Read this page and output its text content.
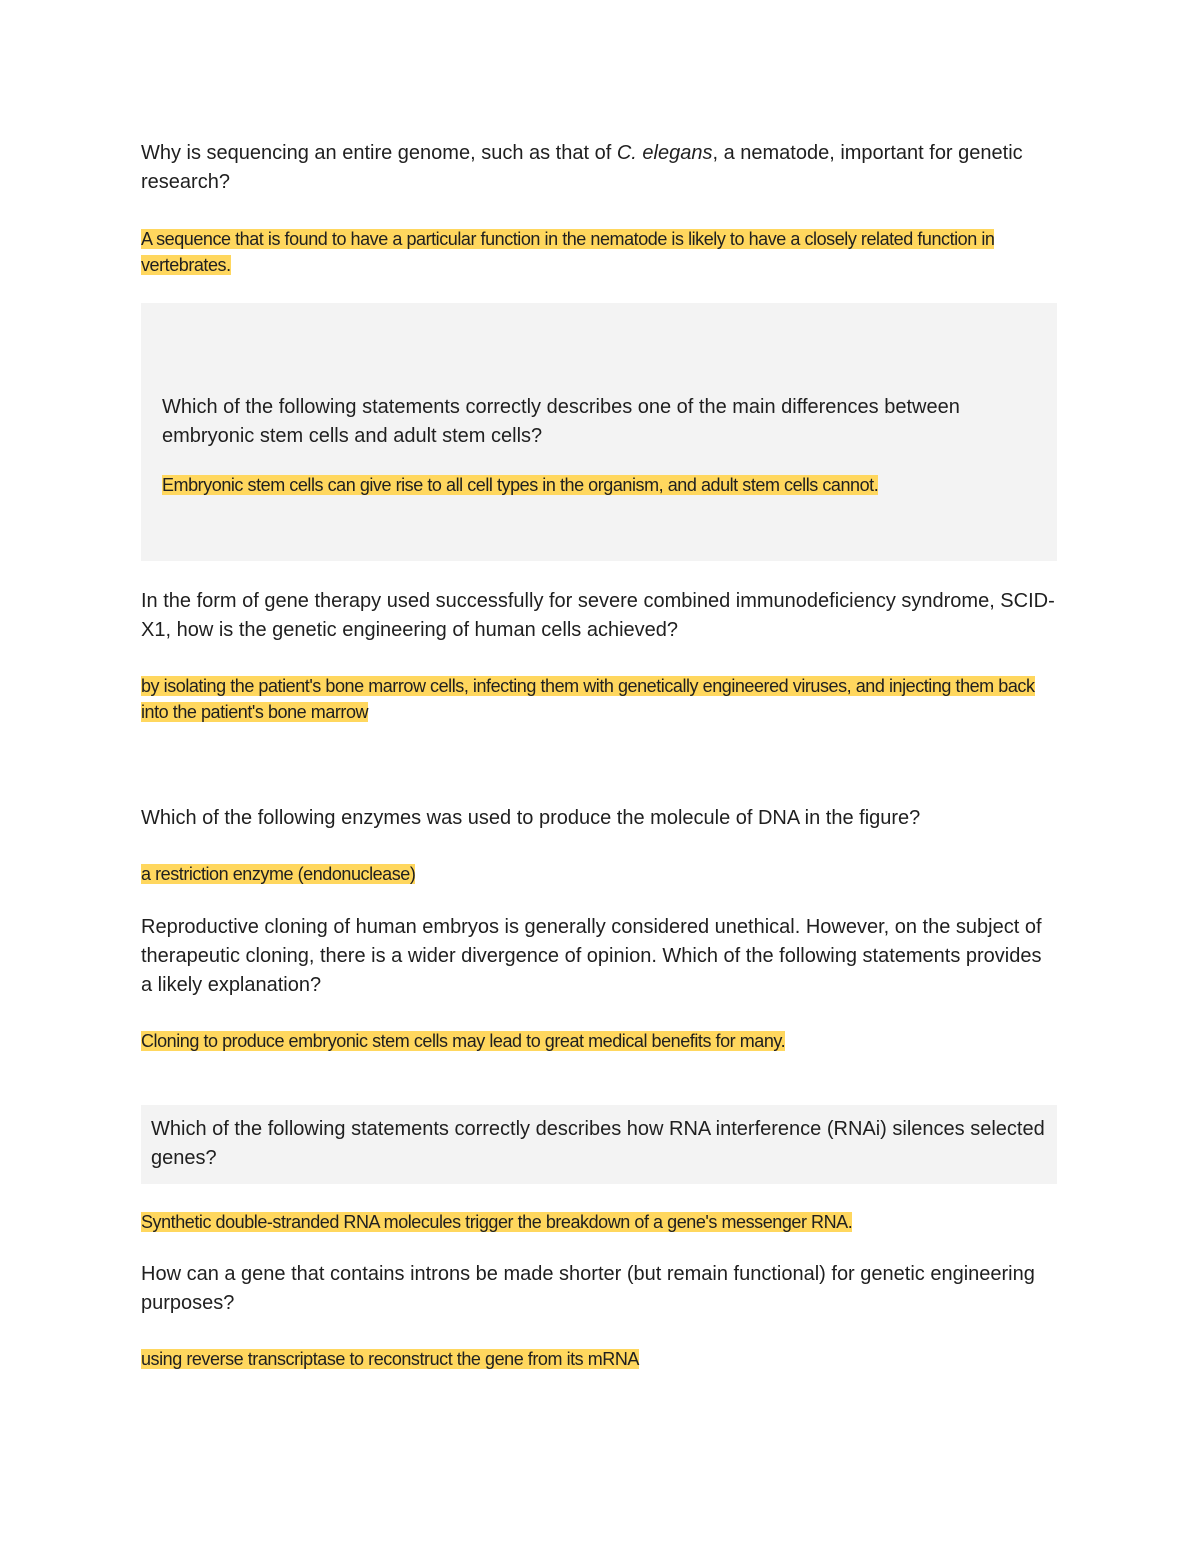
Why is sequencing an entire genome, such as that of C. elegans, a nematode, important for genetic research?

A sequence that is found to have a particular function in the nematode is likely to have a closely related function in vertebrates.

Which of the following statements correctly describes one of the main differences between embryonic stem cells and adult stem cells?

Embryonic stem cells can give rise to all cell types in the organism, and adult stem cells cannot.

In the form of gene therapy used successfully for severe combined immunodeficiency syndrome, SCID-X1, how is the genetic engineering of human cells achieved?

by isolating the patient's bone marrow cells, infecting them with genetically engineered viruses, and injecting them back into the patient's bone marrow

Which of the following enzymes was used to produce the molecule of DNA in the figure?

a restriction enzyme (endonuclease)

Reproductive cloning of human embryos is generally considered unethical. However, on the subject of therapeutic cloning, there is a wider divergence of opinion. Which of the following statements provides a likely explanation?

Cloning to produce embryonic stem cells may lead to great medical benefits for many.

Which of the following statements correctly describes how RNA interference (RNAi) silences selected genes?

Synthetic double-stranded RNA molecules trigger the breakdown of a gene's messenger RNA.

How can a gene that contains introns be made shorter (but remain functional) for genetic engineering purposes?

using reverse transcriptase to reconstruct the gene from its mRNA
